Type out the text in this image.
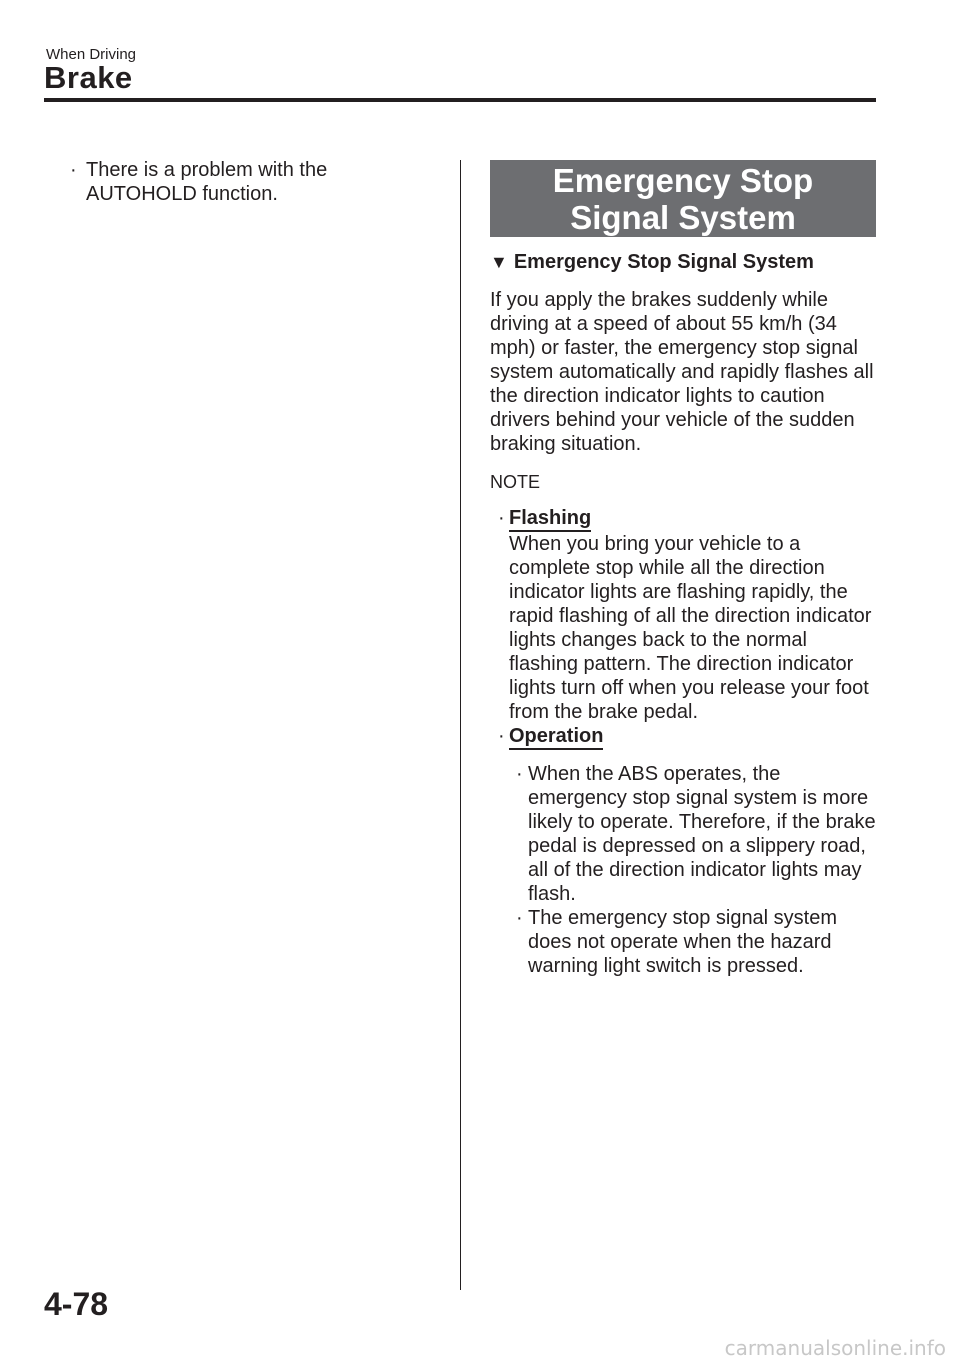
When Driving
Brake
· There is a problem with the AUTOHOLD function.	Emergency Stop Signal System
▼ Emergency Stop Signal System

If you apply the brakes suddenly while driving at a speed of about 55 km/h (34 mph) or faster, the emergency stop signal system automatically and rapidly flashes all the direction indicator lights to caution drivers behind your vehicle of the sudden braking situation.

NOTE
· Flashing
When you bring your vehicle to a complete stop while all the direction indicator lights are flashing rapidly, the rapid flashing of all the direction indicator lights changes back to the normal flashing pattern. The direction indicator lights turn off when you release your foot from the brake pedal.
· Operation
· When the ABS operates, the emergency stop signal system is more likely to operate. Therefore, if the brake pedal is depressed on a slippery road, all of the direction indicator lights may flash.
· The emergency stop signal system does not operate when the hazard warning light switch is pressed.
4-78
carmanualsonline.info
